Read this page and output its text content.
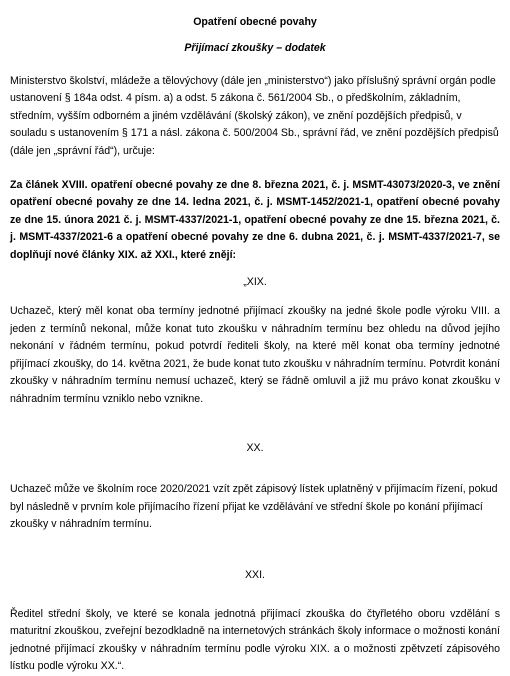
Opatření obecné povahy

Přijímací zkoušky – dodatek

Ministerstvo školství, mládeže a tělovýchovy (dále jen „ministerstvo“) jako příslušný správní orgán podle ustanovení § 184a odst. 4 písm. a) a odst. 5 zákona č. 561/2004 Sb., o předškolním, základním, středním, vyšším odborném a jiném vzdělávání (školský zákon), ve znění pozdějších předpisů, v souladu s ustanovením § 171 a násl. zákona č. 500/2004 Sb., správní řád, ve znění pozdějších předpisů (dále jen „správní řád“), určuje:

Za článek XVIII. opatření obecné povahy ze dne 8. března 2021, č. j. MSMT-43073/2020-3, ve znění opatření obecné povahy ze dne 14. ledna 2021, č. j. MSMT-1452/2021-1, opatření obecné povahy ze dne 15. února 2021 č. j. MSMT-4337/2021-1, opatření obecné povahy ze dne 15. března 2021, č. j. MSMT-4337/2021-6 a opatření obecné povahy ze dne 6. dubna 2021, č. j. MSMT-4337/2021-7, se doplňují nové články XIX. až XXI., které znějí:

„XIX.

Uchazeč, který měl konat oba termíny jednotné přijímací zkoušky na jedné škole podle výroku VIII. a jeden z termínů nekonal, může konat tuto zkoušku v náhradním termínu bez ohledu na důvod jejího nekonání v řádném termínu, pokud potvrdí řediteli školy, na které měl konat oba termíny jednotné přijímací zkoušky, do 14. května 2021, že bude konat tuto zkoušku v náhradním termínu. Potvrdit konání zkoušky v náhradním termínu nemusí uchazeč, který se řádně omluvil a již mu právo konat zkoušku v náhradním termínu vzniklo nebo vznikne.

XX.

Uchazeč může ve školním roce 2020/2021 vzít zpět zápisový lístek uplatněný v přijímacím řízení, pokud byl následně v prvním kole přijímacího řízení přijat ke vzdělávání ve střední škole po konání přijímací zkoušky v náhradním termínu.

XXI.

Ředitel střední školy, ve které se konala jednotná přijímací zkouška do čtyřletého oboru vzdělání s maturitní zkouškou, zveřejní bezodkladně na internetových stránkách školy informace o možnosti konání jednotné přijímací zkoušky v náhradním termínu podle výroku XIX. a o možnosti zpětvzetí zápisového lístku podle výroku XX.“.
